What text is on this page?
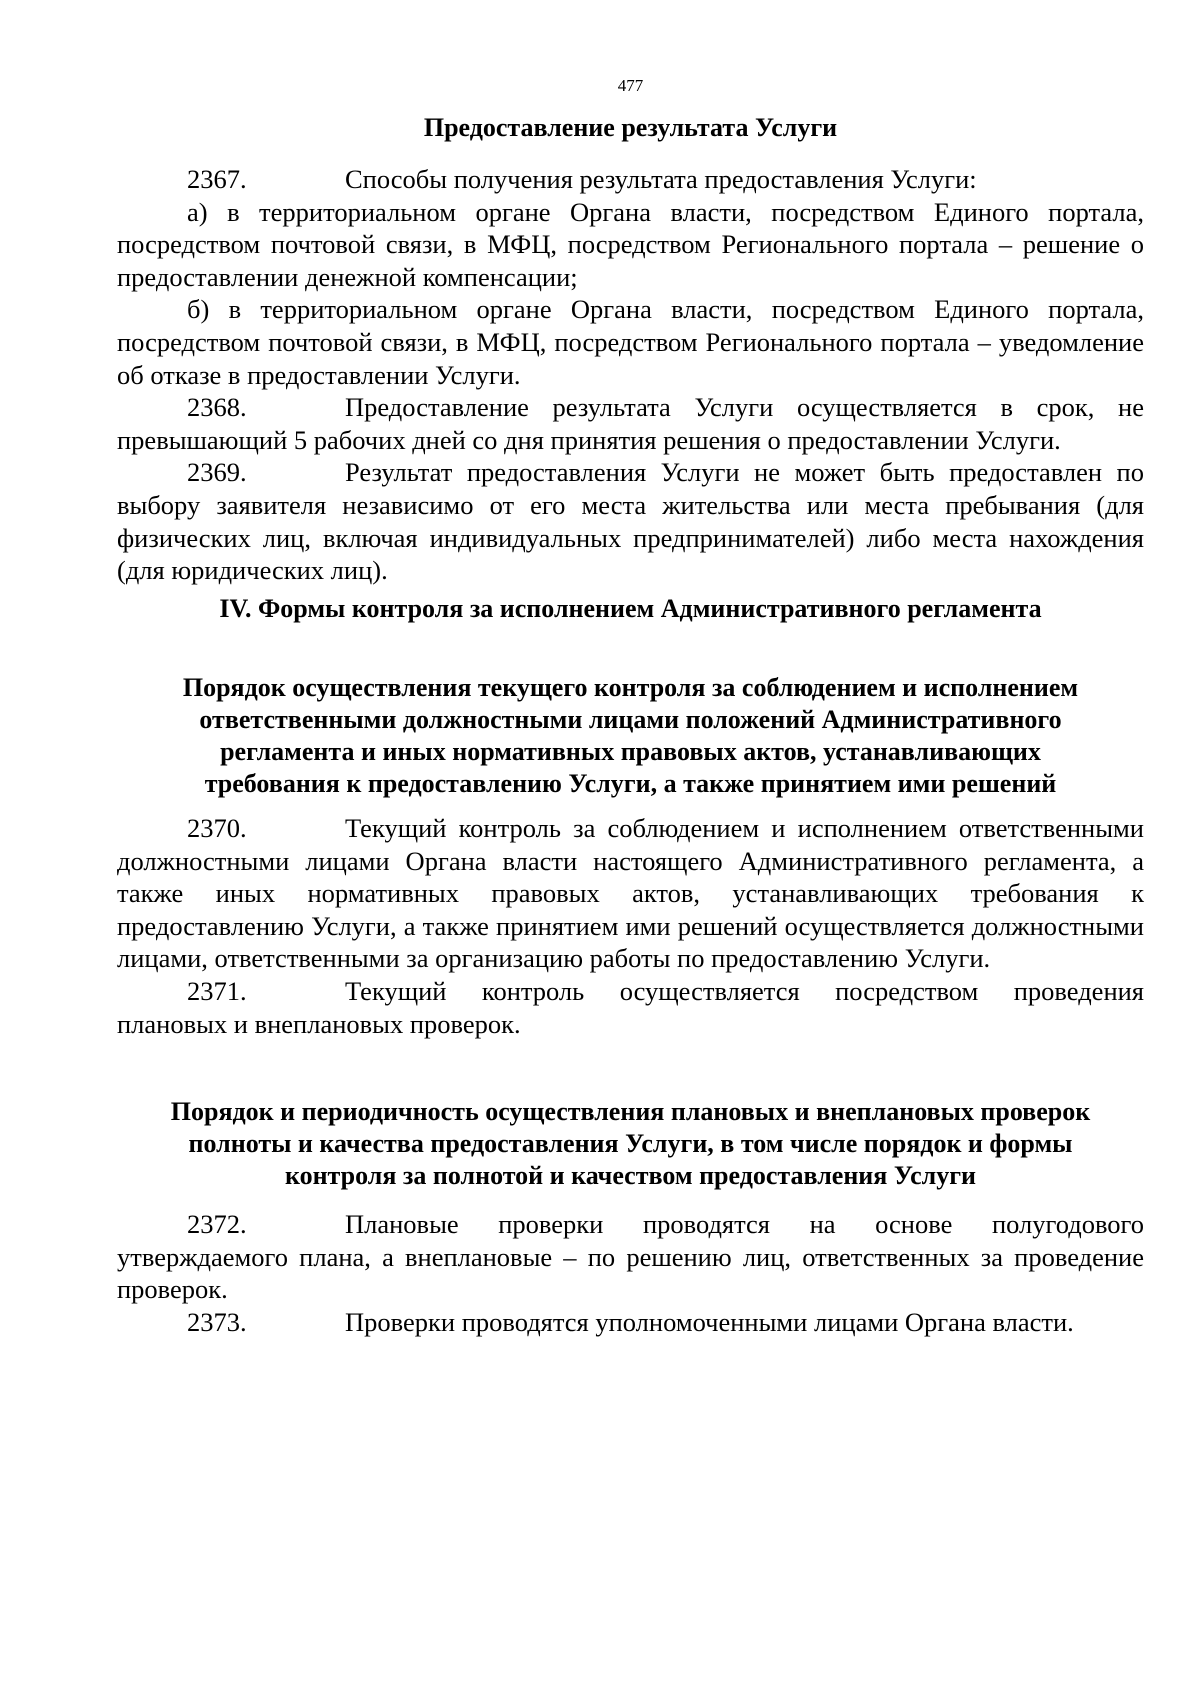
477
Предоставление результата Услуги

2367.	Способы получения результата предоставления Услуги:

а) в территориальном органе Органа власти, посредством Единого портала, посредством почтовой связи, в МФЦ, посредством Регионального портала – решение о предоставлении денежной компенсации;

б) в территориальном органе Органа власти, посредством Единого портала, посредством почтовой связи, в МФЦ, посредством Регионального портала – уведомление об отказе в предоставлении Услуги.

2368.	Предоставление результата Услуги осуществляется в срок, не превышающий 5 рабочих дней со дня принятия решения о предоставлении Услуги.

2369.	Результат предоставления Услуги не может быть предоставлен по выбору заявителя независимо от его места жительства или места пребывания (для физических лиц, включая индивидуальных предпринимателей) либо места нахождения (для юридических лиц).

IV. Формы контроля за исполнением Административного регламента
Порядок осуществления текущего контроля за соблюдением и исполнением
ответственными должностными лицами положений Административного
регламента и иных нормативных правовых актов, устанавливающих
требования к предоставлению Услуги, а также принятием ими решений

2370.	Текущий контроль за соблюдением и исполнением ответственными должностными лицами Органа власти настоящего Административного регламента, а также иных нормативных правовых актов, устанавливающих требования к предоставлению Услуги, а также принятием ими решений осуществляется должностными лицами, ответственными за организацию работы по предоставлению Услуги.

2371.	Текущий контроль осуществляется посредством проведения плановых и внеплановых проверок.

Порядок и периодичность осуществления плановых и внеплановых проверок
полноты и качества предоставления Услуги, в том числе порядок и формы
контроля за полнотой и качеством предоставления Услуги

2372.	Плановые проверки проводятся на основе полугодового утверждаемого плана, а внеплановые – по решению лиц, ответственных за проведение проверок.

2373.	Проверки проводятся уполномоченными лицами Органа власти.
